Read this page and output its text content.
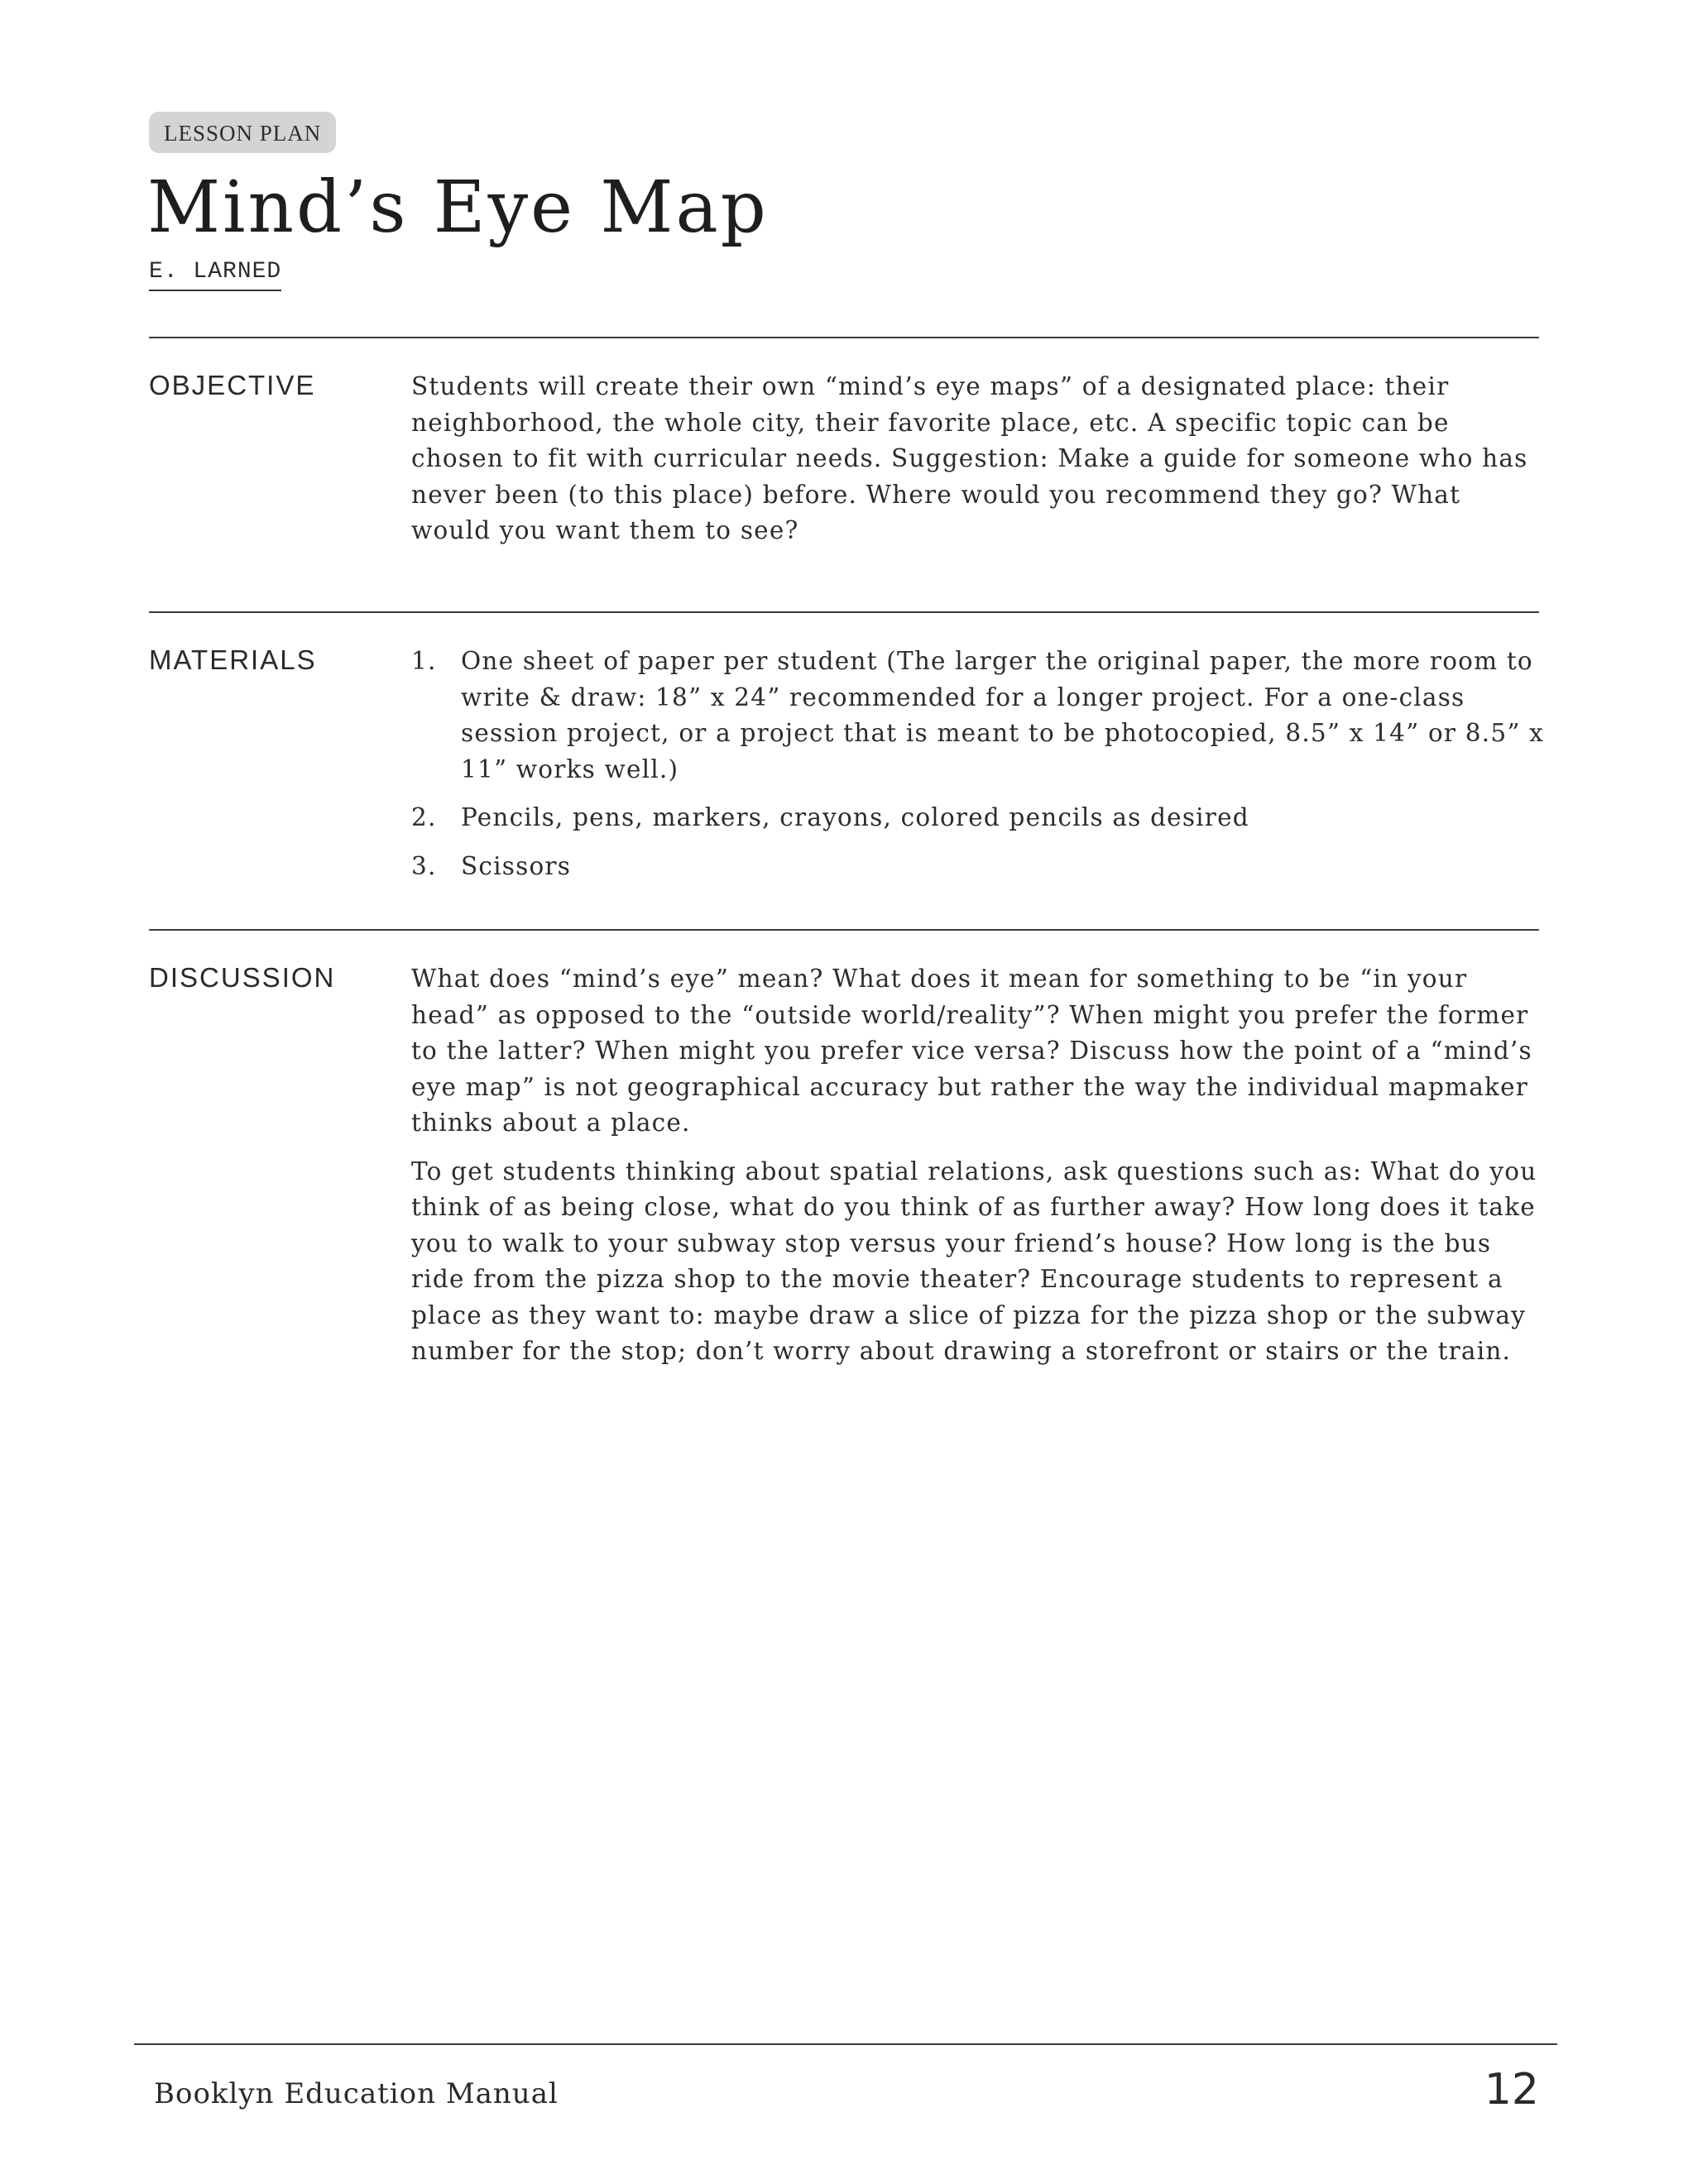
LESSON PLAN
Mind’s Eye Map
E. LARNED
OBJECTIVE	Students will create their own “mind’s eye maps” of a designated place: their neighborhood, the whole city, their favorite place, etc. A specific topic can be chosen to fit with curricular needs. Suggestion: Make a guide for someone who has never been (to this place) before. Where would you recommend they go? What would you want them to see?

MATERIALS	1. One sheet of paper per student (The larger the original paper, the more room to write & draw: 18” x 24” recommended for a longer project. For a one-class session project, or a project that is meant to be photocopied, 8.5” x 14” or 8.5” x 11” works well.)
2. Pencils, pens, markers, crayons, colored pencils as desired
3. Scissors
DISCUSSION	What does “mind’s eye” mean? What does it mean for something to be “in your head” as opposed to the “outside world/reality”? When might you prefer the former to the latter? When might you prefer vice versa? Discuss how the point of a “mind’s eye map” is not geographical accuracy but rather the way the individual mapmaker thinks about a place.

To get students thinking about spatial relations, ask questions such as: What do you think of as being close, what do you think of as further away? How long does it take you to walk to your subway stop versus your friend’s house? How long is the bus ride from the pizza shop to the movie theater? Encourage students to represent a place as they want to: maybe draw a slice of pizza for the pizza shop or the subway number for the stop; don’t worry about drawing a storefront or stairs or the train.

Booklyn Education Manual	12
